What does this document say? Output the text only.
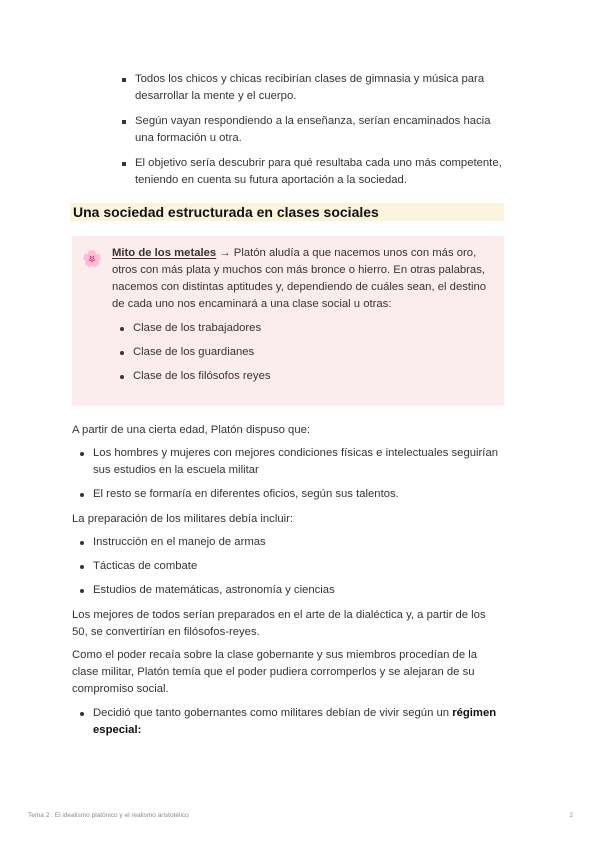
Todos los chicos y chicas recibirían clases de gimnasia y música para desarrollar la mente y el cuerpo.
Según vayan respondiendo a la enseñanza, serían encaminados hacia una formación u otra.
El objetivo sería descubrir para qué resultaba cada uno más competente, teniendo en cuenta su futura aportación a la sociedad.
Una sociedad estructurada en clases sociales
🌸 Mito de los metales → Platón aludía a que nacemos unos con más oro, otros con más plata y muchos con más bronce o hierro. En otras palabras, nacemos con distintas aptitudes y, dependiendo de cuáles sean, el destino de cada uno nos encaminará a una clase social u otras:
Clase de los trabajadores
Clase de los guardianes
Clase de los filósofos reyes
A partir de una cierta edad, Platón dispuso que:
Los hombres y mujeres con mejores condiciones físicas e intelectuales seguirían sus estudios en la escuela militar
El resto se formaría en diferentes oficios, según sus talentos.
La preparación de los militares debía incluir:
Instrucción en el manejo de armas
Tácticas de combate
Estudios de matemáticas, astronomía y ciencias
Los mejores de todos serían preparados en el arte de la dialéctica y, a partir de los 50, se convertirían en filósofos-reyes.
Como el poder recaía sobre la clase gobernante y sus miembros procedían de la clase militar, Platón temía que el poder pudiera corromperlos y se alejaran de su compromiso social.
Decidió que tanto gobernantes como militares debían de vivir según un régimen especial:
Tema 2 : El idealismo platónico y el realismo aristotélico	2
